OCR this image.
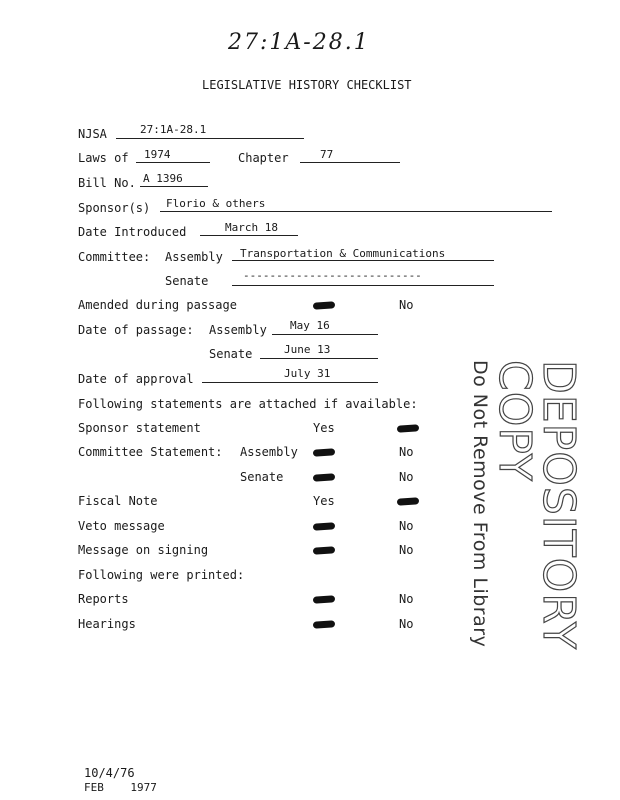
27:1A-28.1
LEGISLATIVE HISTORY CHECKLIST
NJSA	27:1A-28.1
Laws of 1974	Chapter	77
Bill No. A 1396
Sponsor(s) Florio & others
Date Introduced	March 18
Committee: Assembly Transportation & Communications
Senate	---------------------------
Amended during passage	No
Date of passage: Assembly May 16
Senate	June 13
Date of approval	July 31
Following statements are attached if available:
Sponsor statement	Yes
Committee Statement: Assembly	No
Senate	No
Fiscal Note	Yes
Veto message	No
Message on signing	No
Following were printed:
Reports	No
Hearings	No	DEPOSITORY COPY
Do Not Remove From Library
10/4/76
FEB    1977
